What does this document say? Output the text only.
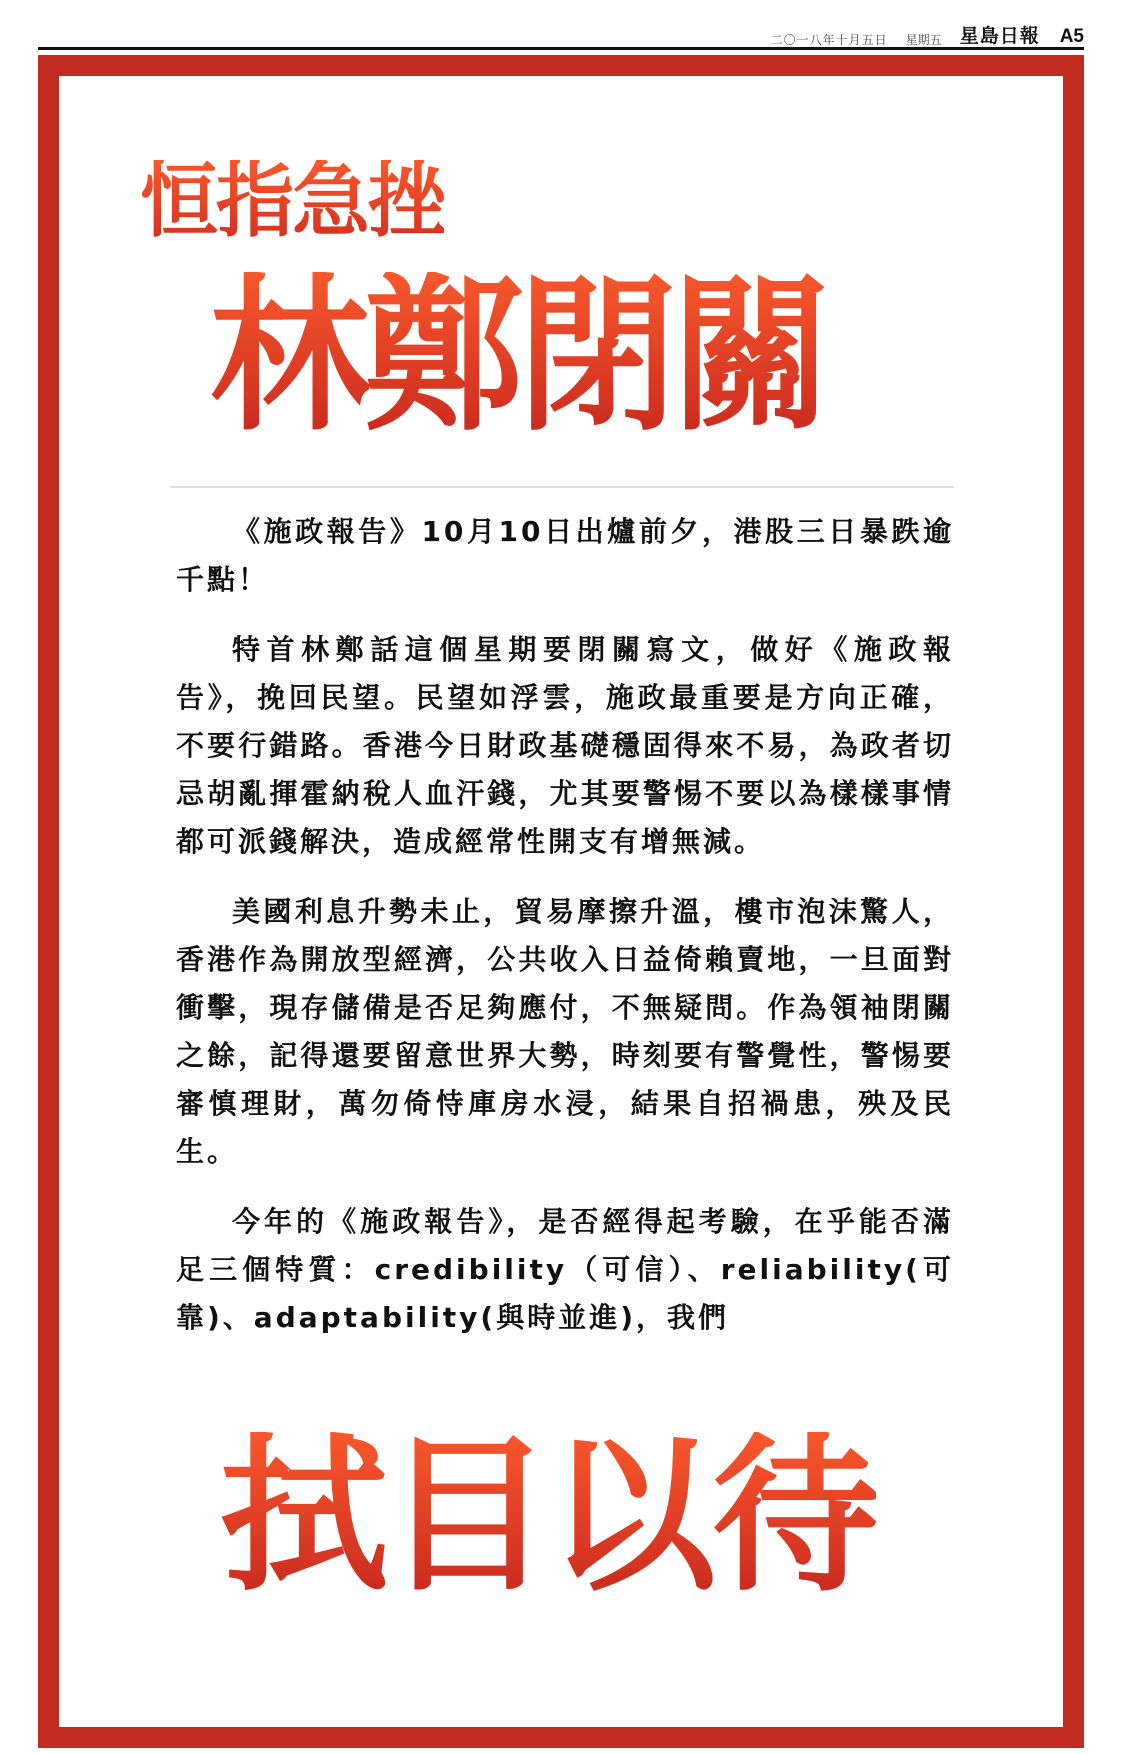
二〇一八年十月五日 星期五 星島日報 A5
恒指急挫
林鄭閉關

《施政報告》10月10日出爐前夕，港股三日暴跌逾千點！

特首林鄭話這個星期要閉關寫文，做好《施政報告》，挽回民望。民望如浮雲，施政最重要是方向正確，不要行錯路。香港今日財政基礎穩固得來不易，為政者切忌胡亂揮霍納稅人血汗錢，尤其要警惕不要以為樣樣事情都可派錢解決，造成經常性開支有增無減。

美國利息升勢未止，貿易摩擦升溫，樓市泡沫驚人，香港作為開放型經濟，公共收入日益倚賴賣地，一旦面對衝擊，現存儲備是否足夠應付，不無疑問。作為領袖閉關之餘，記得還要留意世界大勢，時刻要有警覺性，警惕要審慎理財，萬勿倚恃庫房水浸，結果自招禍患，殃及民生。

今年的《施政報告》，是否經得起考驗，在乎能否滿足三個特質：credibility（可信）、reliability(可靠)、adaptability(與時並進)，我們

拭目以待
